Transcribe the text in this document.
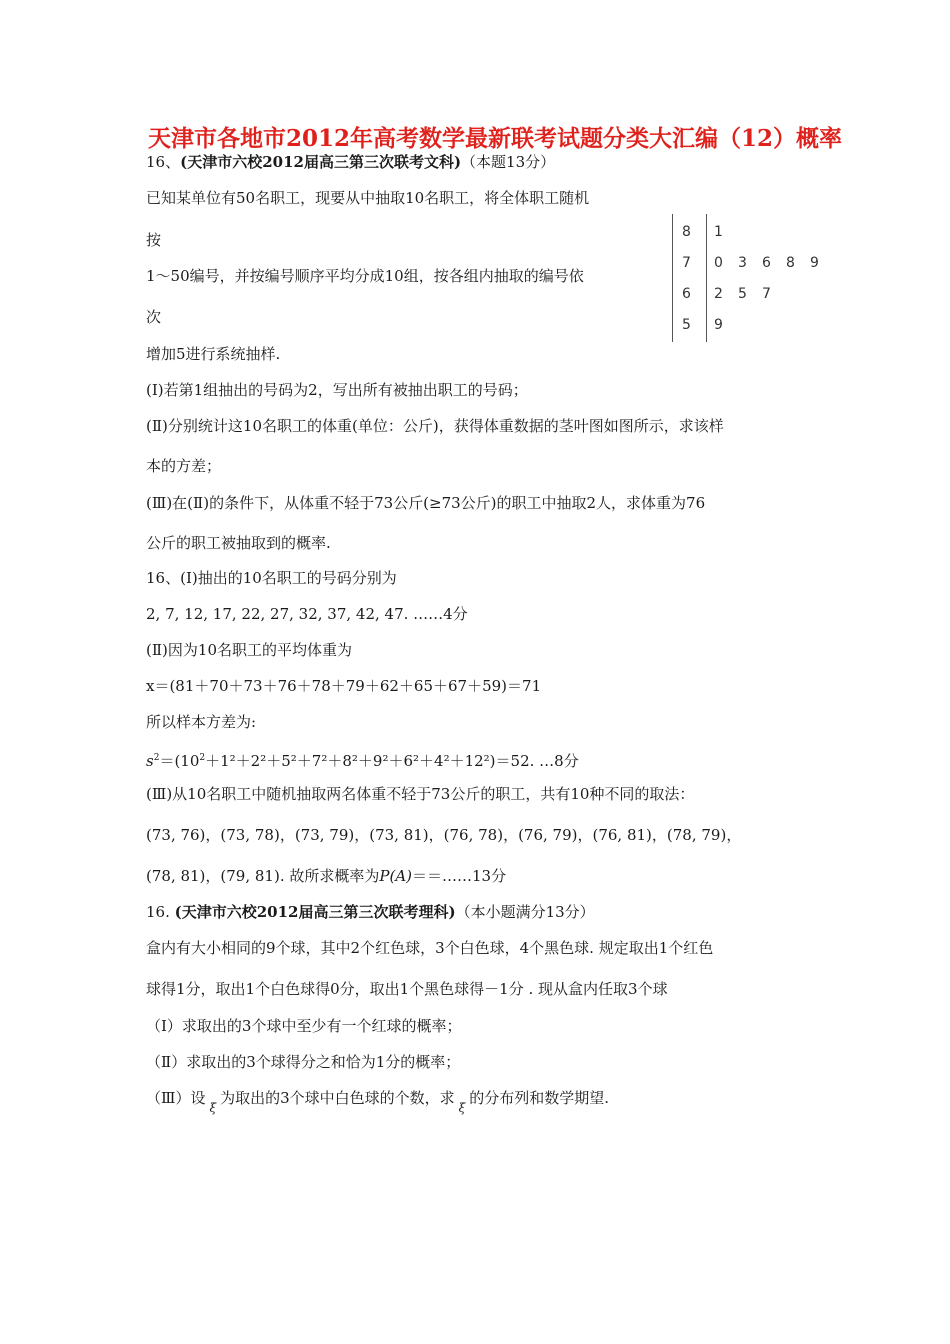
天津市各地市2012年高考数学最新联考试题分类大汇编（12）概率
16、(天津市六校2012届高三第三次联考文科)（本题13分）
已知某单位有50名职工，现要从中抽取10名职工，将全体职工随机
按
1～50编号，并按编号顺序平均分成10组，按各组内抽取的编号依
次
增加5进行系统抽样.
(Ⅰ)若第1组抽出的号码为2，写出所有被抽出职工的号码；
(Ⅱ)分别统计这10名职工的体重(单位：公斤)，获得体重数据的茎叶图如图所示，求该样
本的方差；
(Ⅲ)在(Ⅱ)的条件下，从体重不轻于73公斤(≥73公斤)的职工中抽取2人，求体重为76
公斤的职工被抽取到的概率.
8 1
7 0 3 6 8 9
6 2 5 7
5 9
16、(Ⅰ)抽出的10名职工的号码分别为
2, 7, 12, 17, 22, 27, 32, 37, 42, 47. ……4分
(Ⅱ)因为10名职工的平均体重为
x＝(81＋70＋73＋76＋78＋79＋62＋65＋67＋59)＝71
所以样本方差为:
$s^2=(10^2+1^2+2^2+5^2+7^2+8^2+9^2+6^2+4^2+12^2)=52$. …8分
(Ⅲ)从10名职工中随机抽取两名体重不轻于73公斤的职工，共有10种不同的取法：
(73, 76)，(73, 78)，(73, 79)，(73, 81)，(76, 78)，(76, 79)，(76, 81)，(78, 79)，
(78, 81)，(79, 81). 故所求概率为P(A)＝＝……13分
16. (天津市六校2012届高三第三次联考理科)（本小题满分13分）
盒内有大小相同的9个球，其中2个红色球，3个白色球，4个黑色球. 规定取出1个红色
球得1分，取出1个白色球得0分，取出1个黑色球得－1分 . 现从盒内任取3个球
（Ⅰ）求取出的3个球中至少有一个红球的概率；
（Ⅱ）求取出的3个球得分之和恰为1分的概率；
（Ⅲ）设ξ为取出的3个球中白色球的个数，求ξ的分布列和数学期望.
